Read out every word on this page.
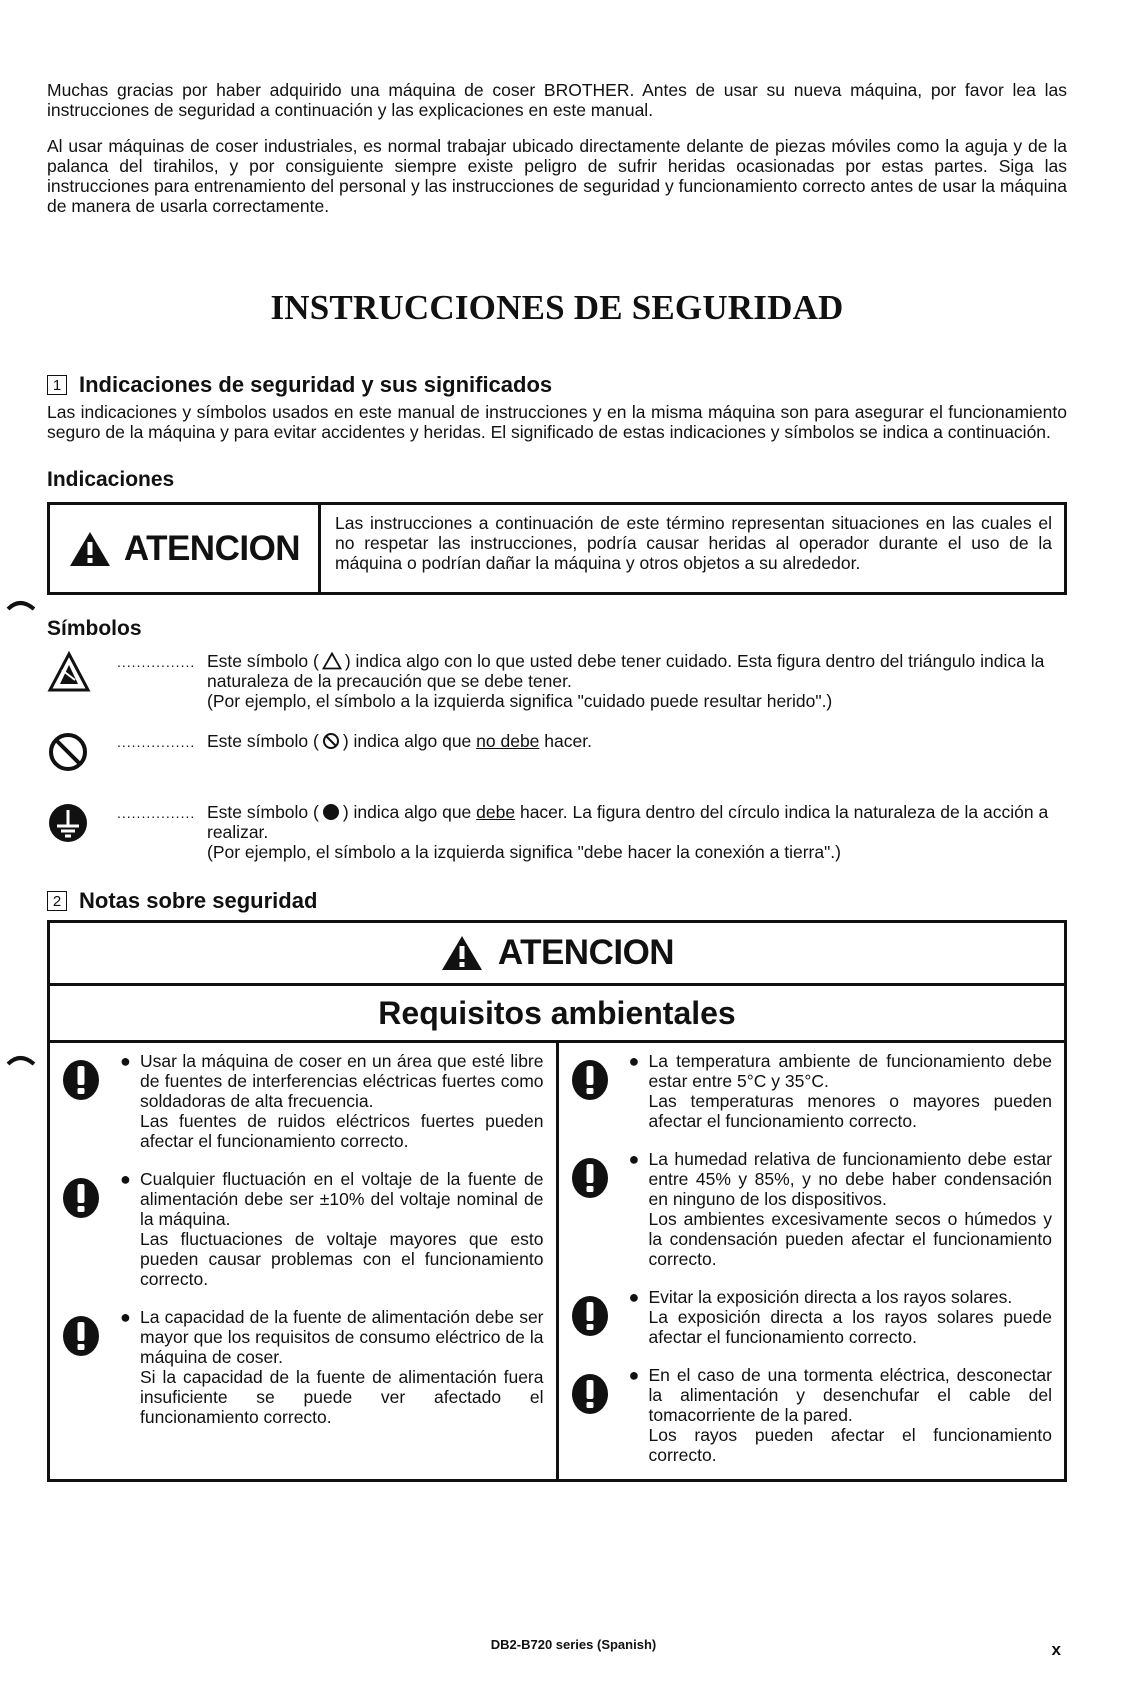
Muchas gracias por haber adquirido una máquina de coser BROTHER. Antes de usar su nueva máquina, por favor lea las instrucciones de seguridad a continuación y las explicaciones en este manual.

Al usar máquinas de coser industriales, es normal trabajar ubicado directamente delante de piezas móviles como la aguja y de la palanca del tirahilos, y por consiguiente siempre existe peligro de sufrir heridas ocasionadas por estas partes. Siga las instrucciones para entrenamiento del personal y las instrucciones de seguridad y funcionamiento correcto antes de usar la máquina de manera de usarla correctamente.

INSTRUCCIONES DE SEGURIDAD
1 Indicaciones de seguridad y sus significados

Las indicaciones y símbolos usados en este manual de instrucciones y en la misma máquina son para asegurar el funcionamiento seguro de la máquina y para evitar accidentes y heridas. El significado de estas indicaciones y símbolos se indica a continuación.

Indicaciones
ATENCION
Las instrucciones a continuación de este término representan situaciones en las cuales el no respetar las instrucciones, podría causar heridas al operador durante el uso de la máquina o podrían dañar la máquina y otros objetos a su alrededor.
Símbolos
................ Este símbolo ( ) indica algo con lo que usted debe tener cuidado. Esta figura dentro del triángulo indica la naturaleza de la precaución que se debe tener.
(Por ejemplo, el símbolo a la izquierda significa "cuidado puede resultar herido".)
................ Este símbolo ( ) indica algo que no debe hacer.
................ Este símbolo ( ) indica algo que debe hacer. La figura dentro del círculo indica la naturaleza de la acción a realizar.
(Por ejemplo, el símbolo a la izquierda significa "debe hacer la conexión a tierra".)
2 Notas sobre seguridad
ATENCION
Requisitos ambientales
● Usar la máquina de coser en un área que esté libre de fuentes de interferencias eléctricas fuertes como soldadoras de alta frecuencia.
Las fuentes de ruidos eléctricos fuertes pueden afectar el funcionamiento correcto.
● Cualquier fluctuación en el voltaje de la fuente de alimentación debe ser ±10% del voltaje nominal de la máquina.
Las fluctuaciones de voltaje mayores que esto pueden causar problemas con el funcionamiento correcto.
● La capacidad de la fuente de alimentación debe ser mayor que los requisitos de consumo eléctrico de la máquina de coser.
Si la capacidad de la fuente de alimentación fuera insuficiente se puede ver afectado el funcionamiento correcto.
● La temperatura ambiente de funcionamiento debe estar entre 5°C y 35°C.
Las temperaturas menores o mayores pueden afectar el funcionamiento correcto.
● La humedad relativa de funcionamiento debe estar entre 45% y 85%, y no debe haber condensación en ninguno de los dispositivos.
Los ambientes excesivamente secos o húmedos y la condensación pueden afectar el funcionamiento correcto.
● Evitar la exposición directa a los rayos solares.
La exposición directa a los rayos solares puede afectar el funcionamiento correcto.
● En el caso de una tormenta eléctrica, desconectar la alimentación y desenchufar el cable del tomacorriente de la pared.
Los rayos pueden afectar el funcionamiento correcto.
DB2-B720 series (Spanish)	x
